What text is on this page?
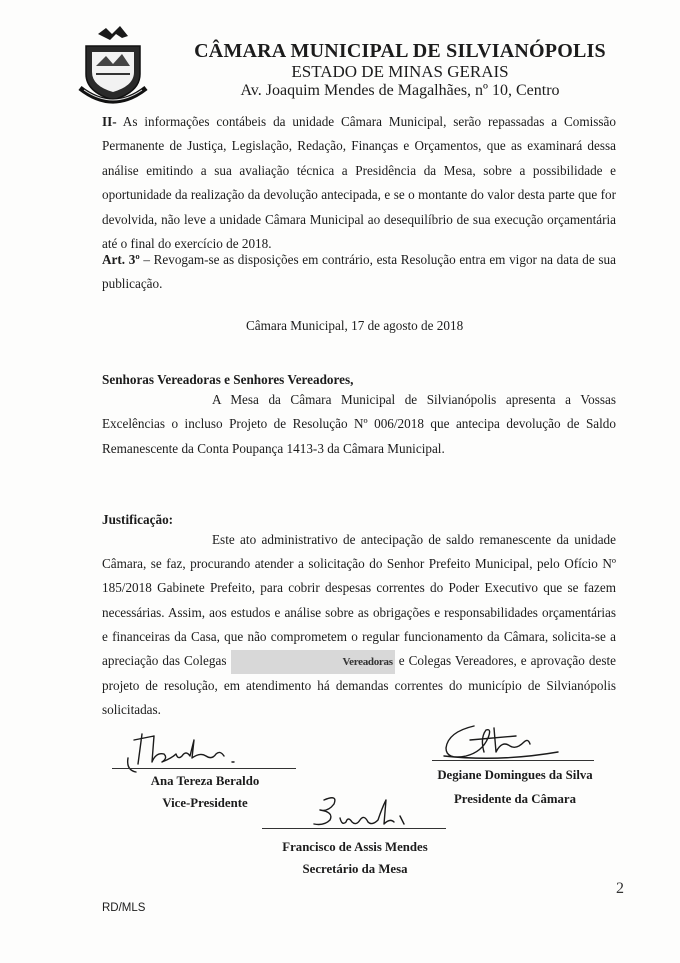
CÂMARA MUNICIPAL DE SILVIANÓPOLIS
ESTADO DE MINAS GERAIS
Av. Joaquim Mendes de Magalhães, nº 10, Centro
II- As informações contábeis da unidade Câmara Municipal, serão repassadas a Comissão Permanente de Justiça, Legislação, Redação, Finanças e Orçamentos, que as examinará dessa análise emitindo a sua avaliação técnica a Presidência da Mesa, sobre a possibilidade e oportunidade da realização da devolução antecipada, e se o montante do valor desta parte que for devolvida, não leve a unidade Câmara Municipal ao desequilíbrio de sua execução orçamentária até o final do exercício de 2018.
Art. 3º – Revogam-se as disposições em contrário, esta Resolução entra em vigor na data de sua publicação.
Câmara Municipal, 17 de agosto de 2018
Senhoras Vereadoras e Senhores Vereadores,
A Mesa da Câmara Municipal de Silvianópolis apresenta a Vossas Excelências o incluso Projeto de Resolução Nº 006/2018 que antecipa devolução de Saldo Remanescente da Conta Poupança 1413-3 da Câmara Municipal.
Justificação:
Este ato administrativo de antecipação de saldo remanescente da unidade Câmara, se faz, procurando atender a solicitação do Senhor Prefeito Municipal, pelo Ofício Nº 185/2018 Gabinete Prefeito, para cobrir despesas correntes do Poder Executivo que se fazem necessárias. Assim, aos estudos e análise sobre as obrigações e responsabilidades orçamentárias e financeiras da Casa, que não comprometem o regular funcionamento da Câmara, solicita-se a apreciação das Colegas	Vereadoras e Colegas Vereadores, e aprovação deste projeto de resolução, em atendimento há demandas correntes do município de Silvianópolis solicitadas.
Ana Tereza Beraldo
Vice-Presidente
Degiane Domingues da Silva
Presidente da Câmara
Francisco de Assis Mendes
Secretário da Mesa
2
RD/MLS
